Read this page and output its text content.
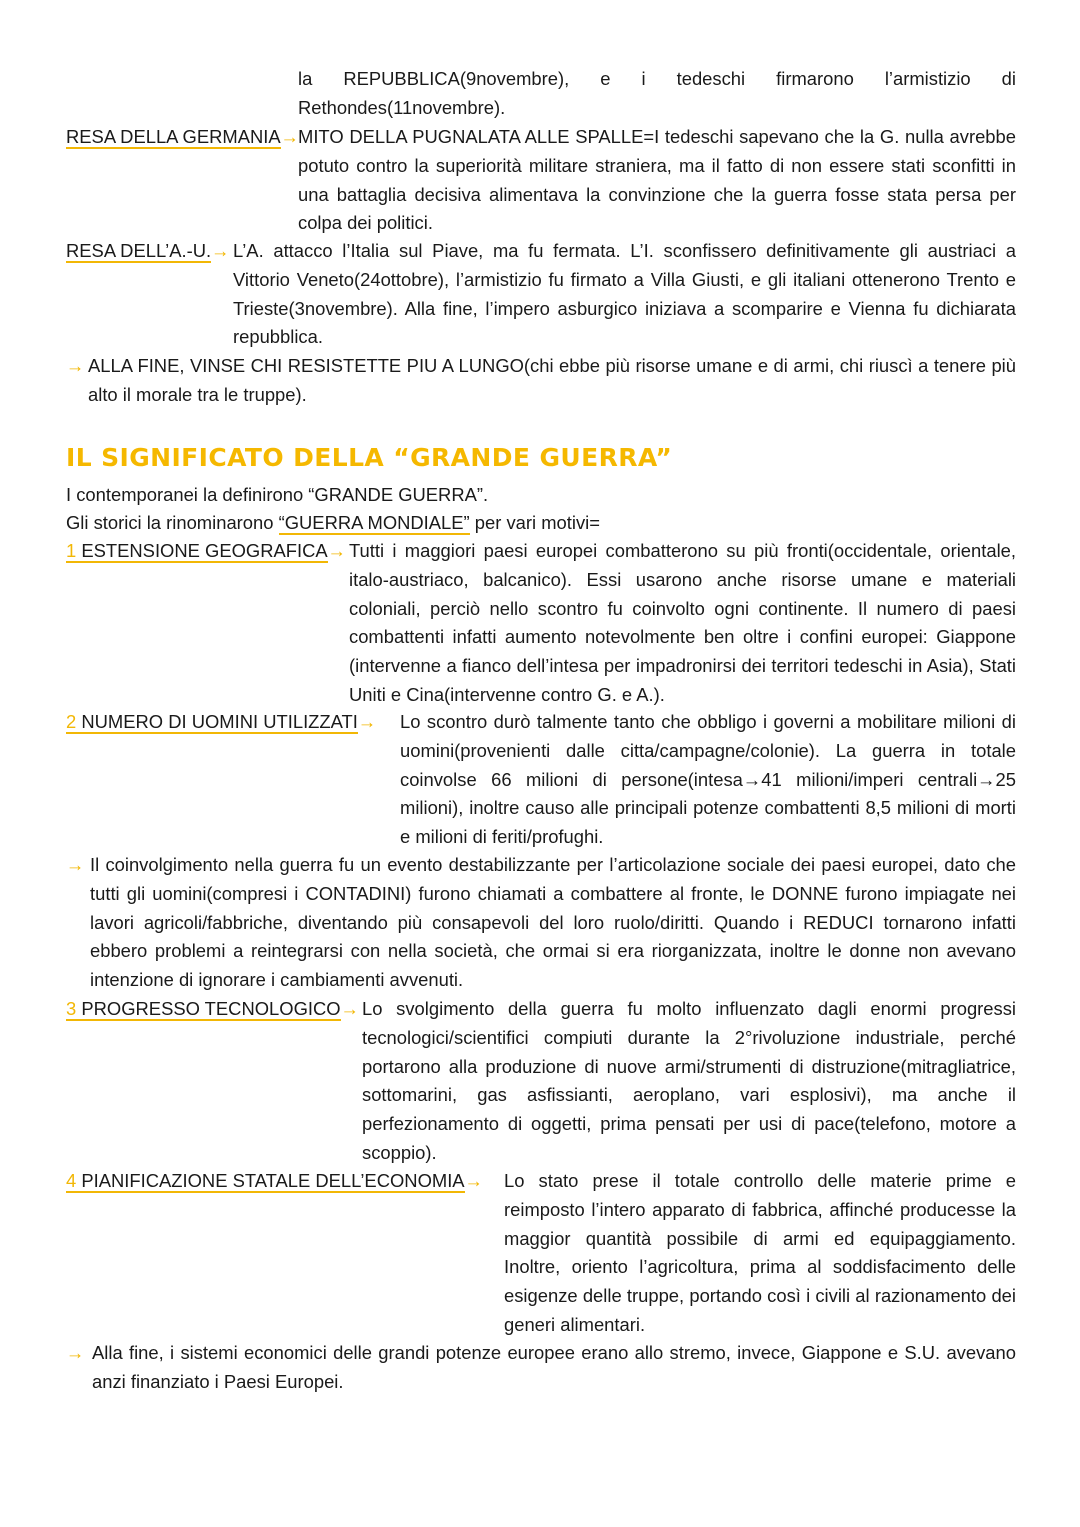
la REPUBBLICA(9novembre), e i tedeschi firmarono l’armistizio di Rethondes(11novembre).
RESA DELLA GERMANIA→
MITO DELLA PUGNALATA ALLE SPALLE=I tedeschi sapevano che la G. nulla avrebbe potuto contro la superiorità militare straniera, ma il fatto di non essere stati sconfitti in una battaglia decisiva alimentava la convinzione che la guerra fosse stata persa per colpa dei politici.
RESA DELL’A.-U.→ L’A. attacco l’Italia sul Piave, ma fu fermata. L’I. sconfissero definitivamente gli austriaci a Vittorio Veneto(24ottobre), l’armistizio fu firmato a Villa Giusti, e gli italiani ottenerono Trento e Trieste(3novembre). Alla fine, l’impero asburgico iniziava a scomparire e Vienna fu dichiarata repubblica.
→ ALLA FINE, VINSE CHI RESISTETTE PIU A LUNGO(chi ebbe più risorse umane e di armi, chi riuscì a tenere più alto il morale tra le truppe).
IL SIGNIFICATO DELLA “GRANDE GUERRA”
I contemporanei la definirono “GRANDE GUERRA”.
Gli storici la rinominarono “GUERRA MONDIALE” per vari motivi=
1 ESTENSIONE GEOGRAFICA→ Tutti i maggiori paesi europei combatterono su più fronti(occidentale, orientale, italo-austriaco, balcanico). Essi usarono anche risorse umane e materiali coloniali, perciò nello scontro fu coinvolto ogni continente. Il numero di paesi combattenti infatti aumento notevolmente ben oltre i confini europei: Giappone (intervenne a fianco dell’intesa per impadronirsi dei territori tedeschi in Asia), Stati Uniti e Cina(intervenne contro G. e A.).
2 NUMERO DI UOMINI UTILIZZATI→ Lo scontro durò talmente tanto che obbligo i governi a mobilitare milioni di uomini(provenienti dalle citta/campagne/colonie). La guerra in totale coinvolse 66 milioni di persone(intesa→41 milioni/imperi centrali→25 milioni), inoltre causo alle principali potenze combattenti 8,5 milioni di morti e milioni di feriti/profughi.
→ Il coinvolgimento nella guerra fu un evento destabilizzante per l’articolazione sociale dei paesi europei, dato che tutti gli uomini(compresi i CONTADINI) furono chiamati a combattere al fronte, le DONNE furono impiagate nei lavori agricoli/fabbriche, diventando più consapevoli del loro ruolo/diritti. Quando i REDUCI tornarono infatti ebbero problemi a reintegrarsi con nella società, che ormai si era riorganizzata, inoltre le donne non avevano intenzione di ignorare i cambiamenti avvenuti.
3 PROGRESSO TECNOLOGICO→ Lo svolgimento della guerra fu molto influenzato dagli enormi progressi tecnologici/scientifici compiuti durante la 2°rivoluzione industriale, perché portarono alla produzione di nuove armi/strumenti di distruzione(mitragliatrice, sottomarini, gas asfissianti, aeroplano, vari esplosivi), ma anche il perfezionamento di oggetti, prima pensati per usi di pace(telefono, motore a scoppio).
4 PIANIFICAZIONE STATALE DELL’ECONOMIA→ Lo stato prese il totale controllo delle materie prime e reimposto l’intero apparato di fabbrica, affinché producesse la maggior quantità possibile di armi ed equipaggiamento. Inoltre, oriento l’agricoltura, prima al soddisfacimento delle esigenze delle truppe, portando così i civili al razionamento dei generi alimentari.
→ Alla fine, i sistemi economici delle grandi potenze europee erano allo stremo, invece, Giappone e S.U. avevano anzi finanziato i Paesi Europei.
